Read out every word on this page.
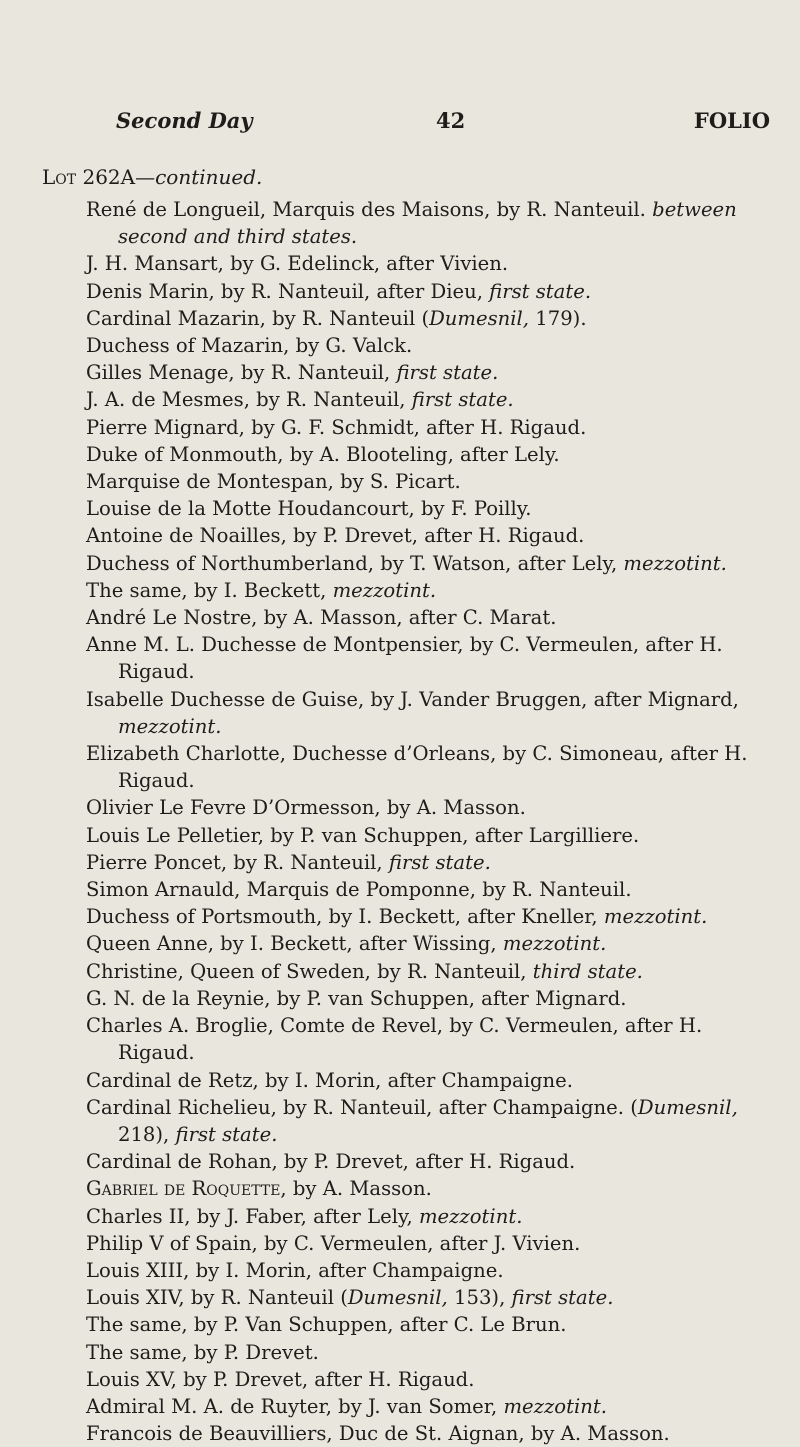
Second Day	42	FOLIO
Lot 262A—continued.
René de Longueil, Marquis des Maisons, by R. Nanteuil. between second and third states.
J. H. Mansart, by G. Edelinck, after Vivien.
Denis Marin, by R. Nanteuil, after Dieu, first state.
Cardinal Mazarin, by R. Nanteuil (Dumesnil, 179).
Duchess of Mazarin, by G. Valck.
Gilles Menage, by R. Nanteuil, first state.
J. A. de Mesmes, by R. Nanteuil, first state.
Pierre Mignard, by G. F. Schmidt, after H. Rigaud.
Duke of Monmouth, by A. Blooteling, after Lely.
Marquise de Montespan, by S. Picart.
Louise de la Motte Houdancourt, by F. Poilly.
Antoine de Noailles, by P. Drevet, after H. Rigaud.
Duchess of Northumberland, by T. Watson, after Lely, mezzotint.
The same, by I. Beckett, mezzotint.
André Le Nostre, by A. Masson, after C. Marat.
Anne M. L. Duchesse de Montpensier, by C. Vermeulen, after H. Rigaud.
Isabelle Duchesse de Guise, by J. Vander Bruggen, after Mignard, mezzotint.
Elizabeth Charlotte, Duchesse d’Orleans, by C. Simoneau, after H. Rigaud.
Olivier Le Fevre D’Ormesson, by A. Masson.
Louis Le Pelletier, by P. van Schuppen, after Largilliere.
Pierre Poncet, by R. Nanteuil, first state.
Simon Arnauld, Marquis de Pomponne, by R. Nanteuil.
Duchess of Portsmouth, by I. Beckett, after Kneller, mezzotint.
Queen Anne, by I. Beckett, after Wissing, mezzotint.
Christine, Queen of Sweden, by R. Nanteuil, third state.
G. N. de la Reynie, by P. van Schuppen, after Mignard.
Charles A. Broglie, Comte de Revel, by C. Vermeulen, after H. Rigaud.
Cardinal de Retz, by I. Morin, after Champaigne.
Cardinal Richelieu, by R. Nanteuil, after Champaigne. (Dumesnil, 218), first state.
Cardinal de Rohan, by P. Drevet, after H. Rigaud.
Gabriel de Roquette, by A. Masson.
Charles II, by J. Faber, after Lely, mezzotint.
Philip V of Spain, by C. Vermeulen, after J. Vivien.
Louis XIII, by I. Morin, after Champaigne.
Louis XIV, by R. Nanteuil (Dumesnil, 153), first state.
The same, by P. Van Schuppen, after C. Le Brun.
The same, by P. Drevet.
Louis XV, by P. Drevet, after H. Rigaud.
Admiral M. A. de Ruyter, by J. van Somer, mezzotint.
Francois de Beauvilliers, Duc de St. Aignan, by A. Masson.
